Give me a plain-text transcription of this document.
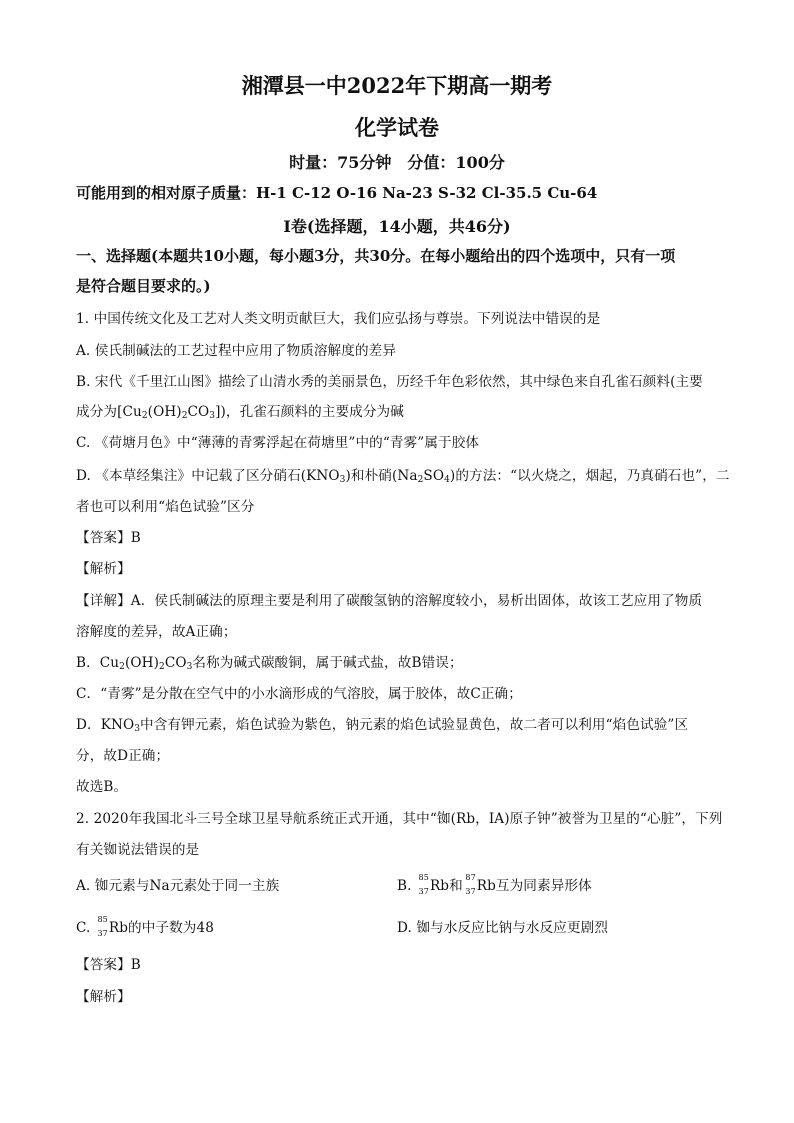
湘潭县一中2022年下期高一期考
化学试卷
时量：75分钟　分值：100分
可能用到的相对原子质量：H-1 C-12 O-16 Na-23 S-32 Cl-35.5 Cu-64
I卷(选择题，14小题，共46分)
一、选择题(本题共10小题，每小题3分，共30分。在每小题给出的四个选项中，只有一项
是符合题目要求的。)
1. 中国传统文化及工艺对人类文明贡献巨大，我们应弘扬与尊崇。下列说法中错误的是
A. 侯氏制碱法的工艺过程中应用了物质溶解度的差异
B. 宋代《千里江山图》描绘了山清水秀的美丽景色，历经千年色彩依然，其中绿色来自孔雀石颜料(主要
成分为$[Cu_2(OH)_2CO_3]$)，孔雀石颜料的主要成分为碱
C. 《荷塘月色》中“薄薄的青雾浮起在荷塘里”中的“青雾”属于胶体
D. 《本草经集注》中记载了区分硝石$(KNO_3)$和朴硝$(Na_2SO_4)$的方法：“以火烧之，烟起，乃真硝石也”，二
者也可以利用“焰色试验”区分
【答案】B
【解析】
【详解】A．侯氏制碱法的原理主要是利用了碳酸氢钠的溶解度较小，易析出固体，故该工艺应用了物质
溶解度的差异，故A正确；
B．$Cu_2(OH)_2CO_3$名称为碱式碳酸铜，属于碱式盐，故B错误；
C．“青雾”是分散在空气中的小水滴形成的气溶胶，属于胶体，故C正确；
D．$KNO_3$中含有钾元素，焰色试验为紫色，钠元素的焰色试验显黄色，故二者可以利用“焰色试验”区
分，故D正确；
故选B。
2. 2020年我国北斗三号全球卫星导航系统正式开通，其中“铷(Rb，IA)原子钟”被誉为卫星的“心脏”，下列
有关铷说法错误的是
A. 铷元素与Na元素处于同一主族	B.
85
37 Rb和
87
37 Rb互为同素异形体
C.
85
37 Rb的中子数为48	D. 铷与水反应比钠与水反应更剧烈
【答案】B
【解析】
